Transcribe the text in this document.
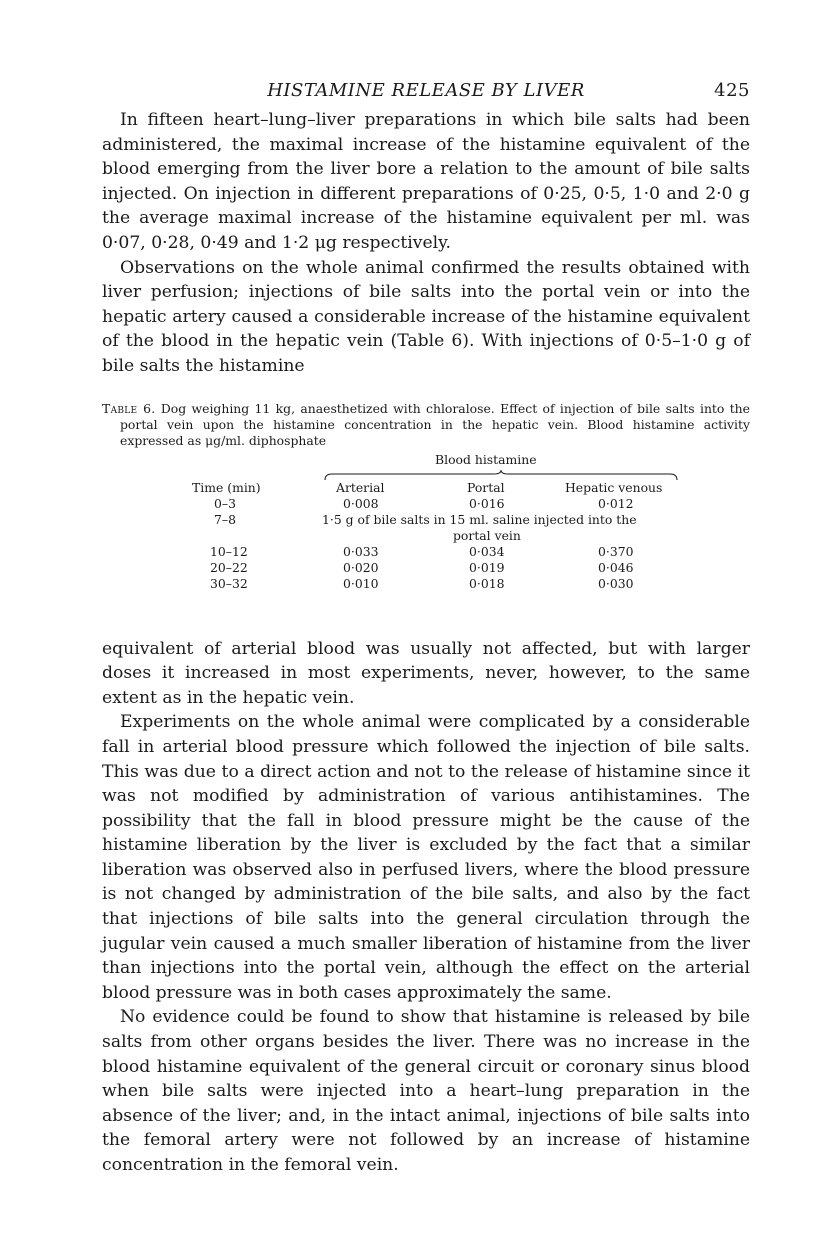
HISTAMINE RELEASE BY LIVER	425

In fifteen heart–lung–liver preparations in which bile salts had been administered, the maximal increase of the histamine equivalent of the blood emerging from the liver bore a relation to the amount of bile salts injected. On injection in different preparations of 0·25, 0·5, 1·0 and 2·0 g the average maximal increase of the histamine equivalent per ml. was 0·07, 0·28, 0·49 and 1·2 μg respectively.

Observations on the whole animal confirmed the results obtained with liver perfusion; injections of bile salts into the portal vein or into the hepatic artery caused a considerable increase of the histamine equivalent of the blood in the hepatic vein (Table 6). With injections of 0·5–1·0 g of bile salts the histamine

Table 6. Dog weighing 11 kg, anaesthetized with chloralose. Effect of injection of bile salts into the portal vein upon the histamine concentration in the hepatic vein. Blood histamine activity expressed as μg/ml. diphosphate
Blood histamine
Time (min)	Arterial	Portal	Hepatic venous
0–3	0·008	0·016	0·012
7–8	1·5 g of bile salts in 15 ml. saline injected into the
portal vein
10–12	0·033	0·034	0·370
20–22	0·020	0·019	0·046
30–32	0·010	0·018	0·030

equivalent of arterial blood was usually not affected, but with larger doses it increased in most experiments, never, however, to the same extent as in the hepatic vein.

Experiments on the whole animal were complicated by a considerable fall in arterial blood pressure which followed the injection of bile salts. This was due to a direct action and not to the release of histamine since it was not modified by administration of various antihistamines. The possibility that the fall in blood pressure might be the cause of the histamine liberation by the liver is excluded by the fact that a similar liberation was observed also in perfused livers, where the blood pressure is not changed by administration of the bile salts, and also by the fact that injections of bile salts into the general circulation through the jugular vein caused a much smaller liberation of histamine from the liver than injections into the portal vein, although the effect on the arterial blood pressure was in both cases approximately the same.

No evidence could be found to show that histamine is released by bile salts from other organs besides the liver. There was no increase in the blood histamine equivalent of the general circuit or coronary sinus blood when bile salts were injected into a heart–lung preparation in the absence of the liver; and, in the intact animal, injections of bile salts into the femoral artery were not followed by an increase of histamine concentration in the femoral vein.
